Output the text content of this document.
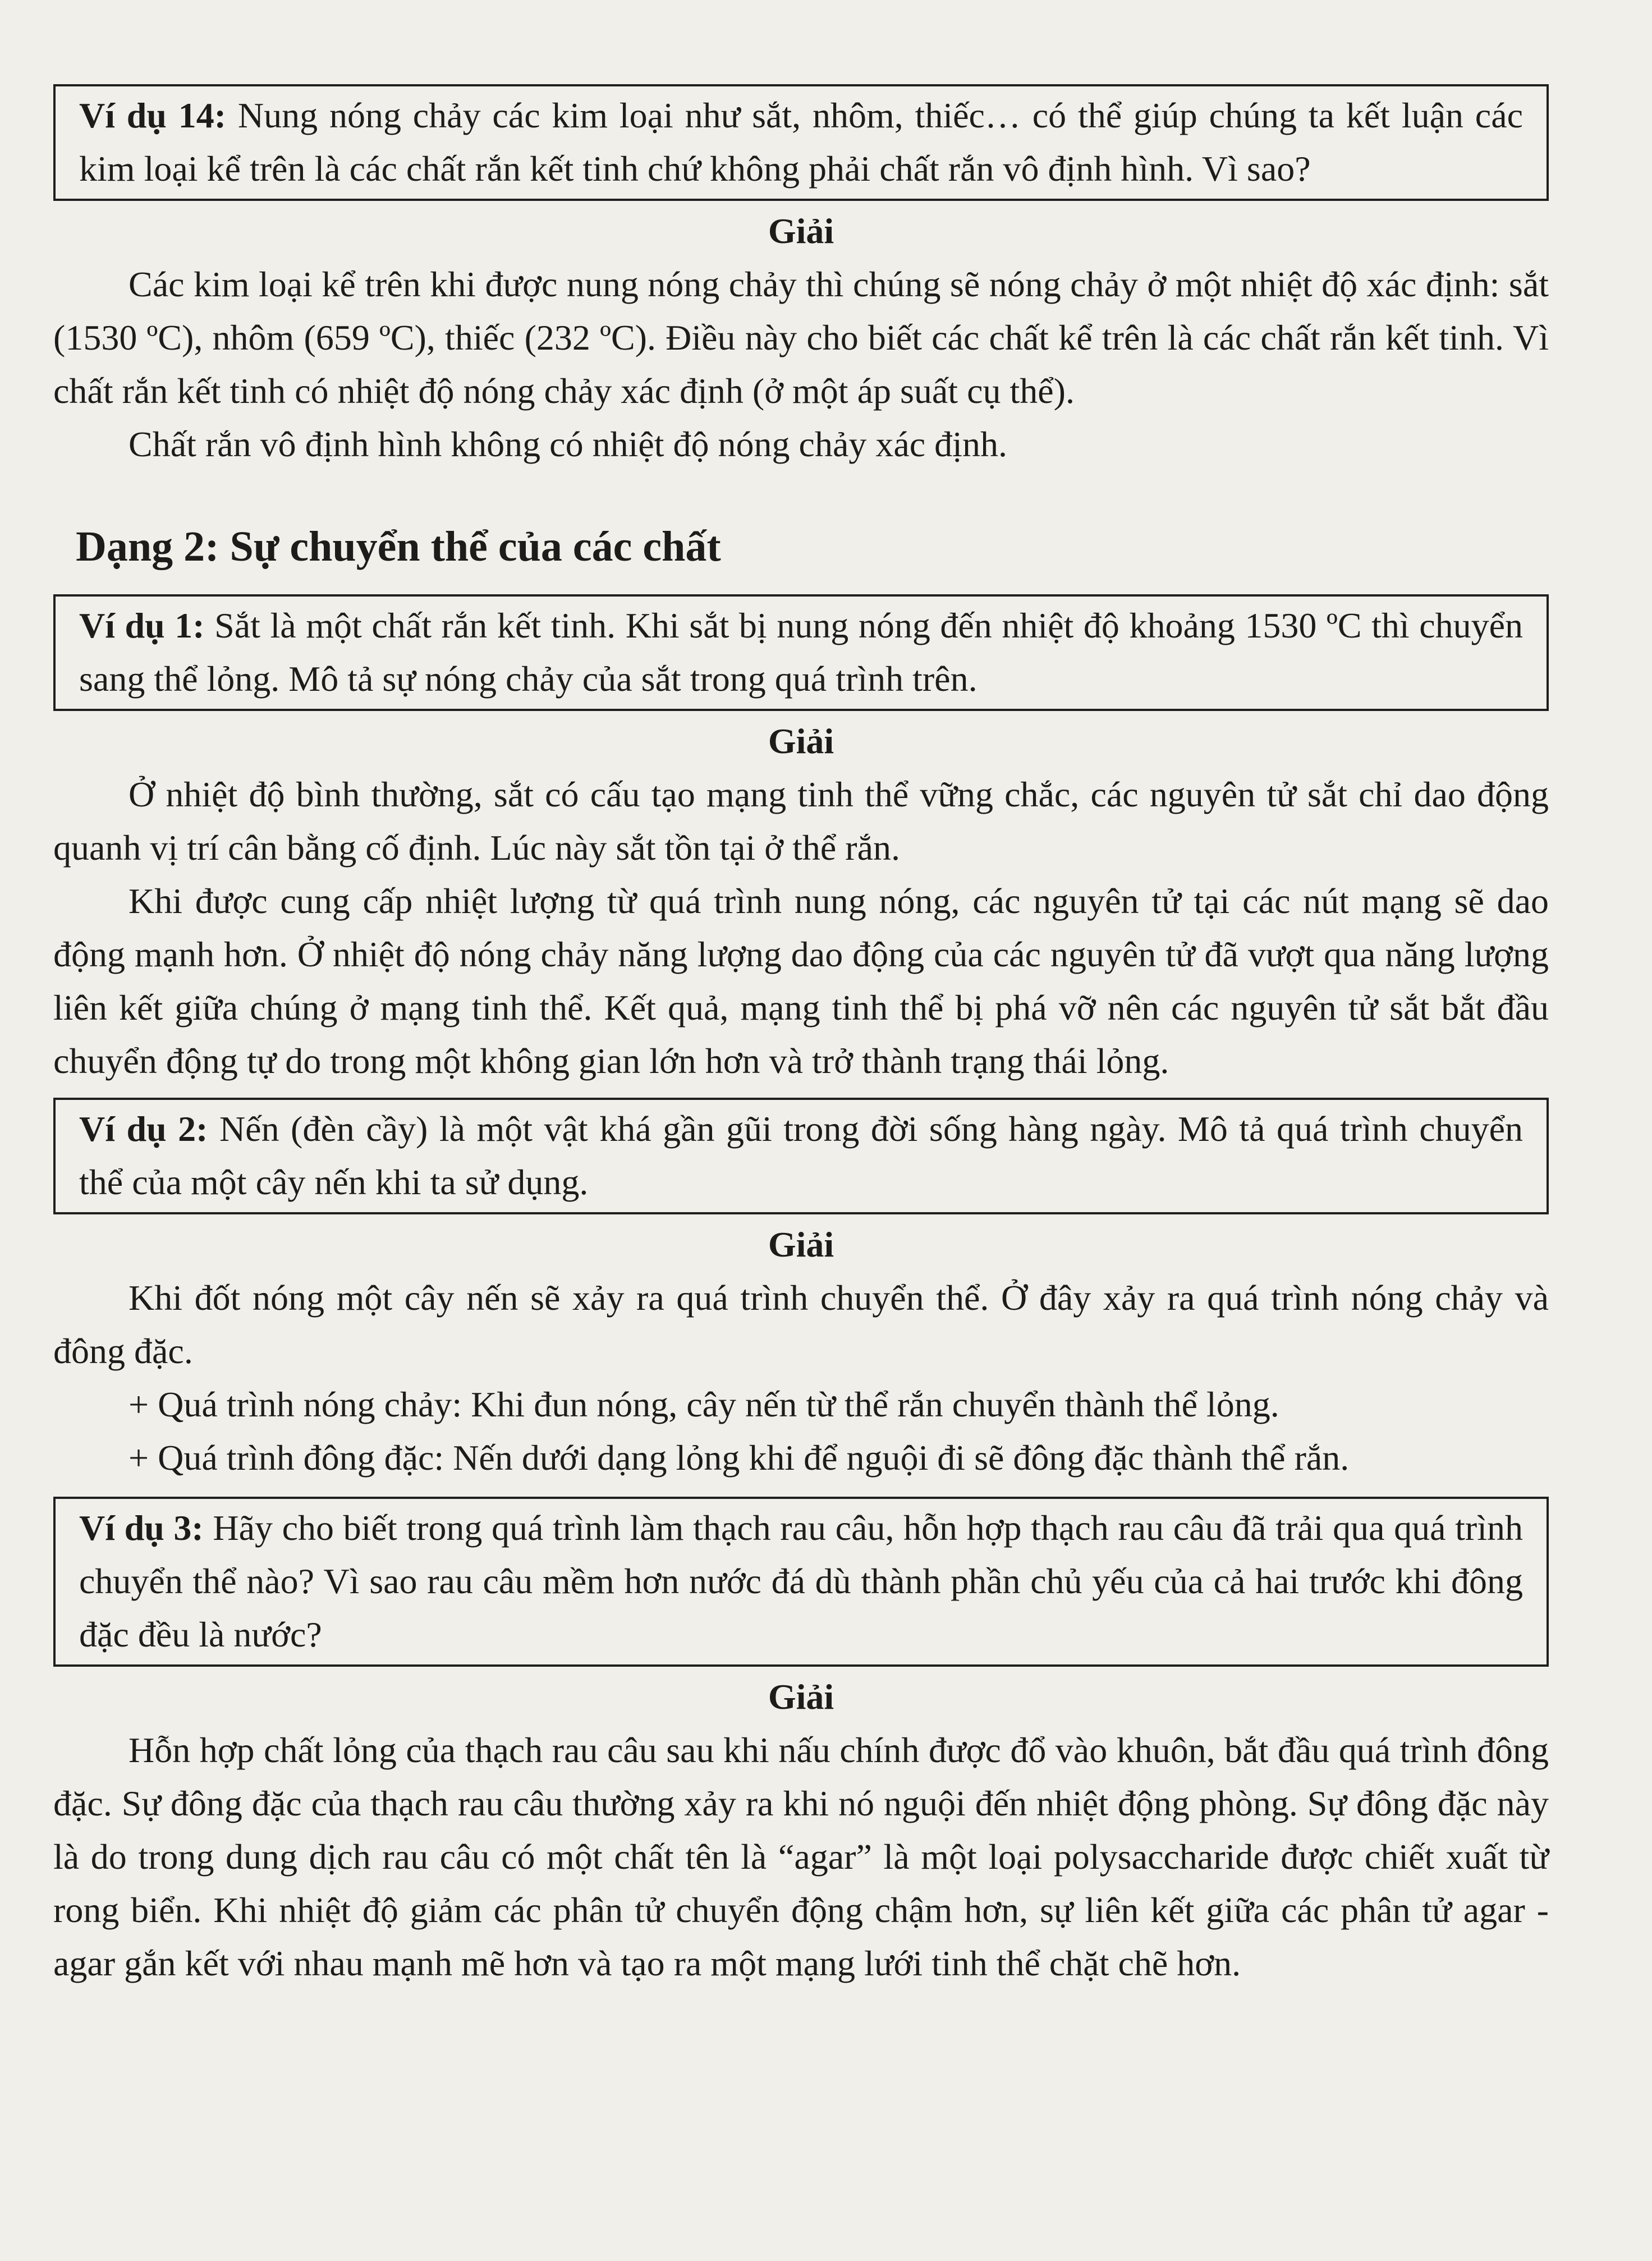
Ví dụ 14: Nung nóng chảy các kim loại như sắt, nhôm, thiếc… có thể giúp chúng ta kết luận các kim loại kể trên là các chất rắn kết tinh chứ không phải chất rắn vô định hình. Vì sao?
Giải

Các kim loại kể trên khi được nung nóng chảy thì chúng sẽ nóng chảy ở một nhiệt độ xác định: sắt (1530 ºC), nhôm (659 ºC), thiếc (232 ºC). Điều này cho biết các chất kể trên là các chất rắn kết tinh. Vì chất rắn kết tinh có nhiệt độ nóng chảy xác định (ở một áp suất cụ thể).

Chất rắn vô định hình không có nhiệt độ nóng chảy xác định.

Dạng 2: Sự chuyển thể của các chất
Ví dụ 1: Sắt là một chất rắn kết tinh. Khi sắt bị nung nóng đến nhiệt độ khoảng 1530 ºC thì chuyển sang thể lỏng. Mô tả sự nóng chảy của sắt trong quá trình trên.
Giải

Ở nhiệt độ bình thường, sắt có cấu tạo mạng tinh thể vững chắc, các nguyên tử sắt chỉ dao động quanh vị trí cân bằng cố định. Lúc này sắt tồn tại ở thể rắn.

Khi được cung cấp nhiệt lượng từ quá trình nung nóng, các nguyên tử tại các nút mạng sẽ dao động mạnh hơn. Ở nhiệt độ nóng chảy năng lượng dao động của các nguyên tử đã vượt qua năng lượng liên kết giữa chúng ở mạng tinh thể. Kết quả, mạng tinh thể bị phá vỡ nên các nguyên tử sắt bắt đầu chuyển động tự do trong một không gian lớn hơn và trở thành trạng thái lỏng.

Ví dụ 2: Nến (đèn cầy) là một vật khá gần gũi trong đời sống hàng ngày. Mô tả quá trình chuyển thể của một cây nến khi ta sử dụng.
Giải

Khi đốt nóng một cây nến sẽ xảy ra quá trình chuyển thể. Ở đây xảy ra quá trình nóng chảy và đông đặc.

+ Quá trình nóng chảy: Khi đun nóng, cây nến từ thể rắn chuyển thành thể lỏng.

+ Quá trình đông đặc: Nến dưới dạng lỏng khi để nguội đi sẽ đông đặc thành thể rắn.

Ví dụ 3: Hãy cho biết trong quá trình làm thạch rau câu, hỗn hợp thạch rau câu đã trải qua quá trình chuyển thể nào? Vì sao rau câu mềm hơn nước đá dù thành phần chủ yếu của cả hai trước khi đông đặc đều là nước?
Giải

Hỗn hợp chất lỏng của thạch rau câu sau khi nấu chính được đổ vào khuôn, bắt đầu quá trình đông đặc. Sự đông đặc của thạch rau câu thường xảy ra khi nó nguội đến nhiệt động phòng. Sự đông đặc này là do trong dung dịch rau câu có một chất tên là “agar” là một loại polysaccharide được chiết xuất từ rong biển. Khi nhiệt độ giảm các phân tử chuyển động chậm hơn, sự liên kết giữa các phân tử agar - agar gắn kết với nhau mạnh mẽ hơn và tạo ra một mạng lưới tinh thể chặt chẽ hơn.
